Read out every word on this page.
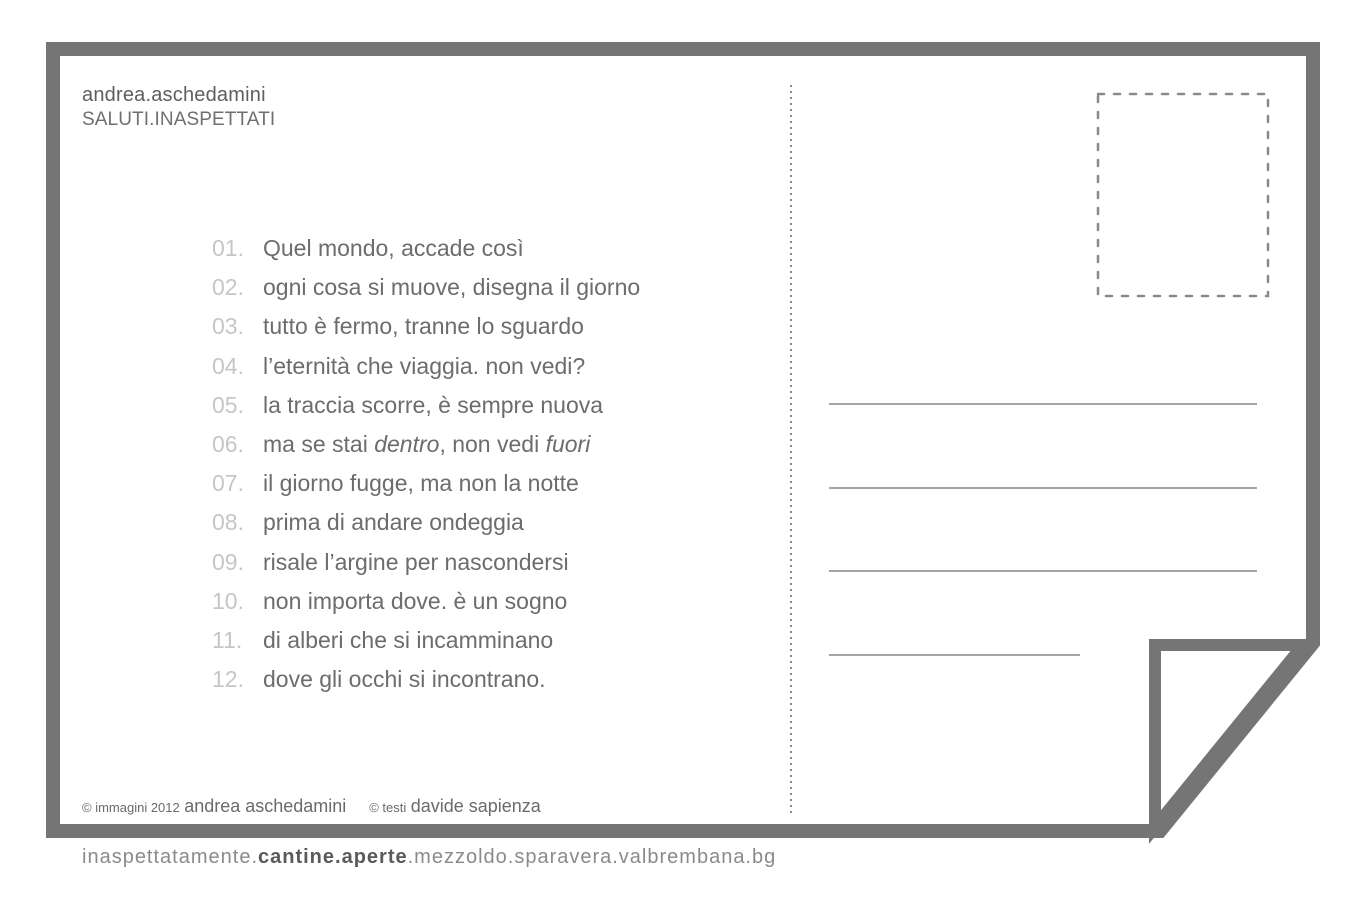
andrea.aschedamini
SALUTI.INASPETTATI
01. Quel mondo, accade così
02. ogni cosa si muove, disegna il giorno
03. tutto è fermo, tranne lo sguardo
04. l’eternità che viaggia. non vedi?
05. la traccia scorre, è sempre nuova
06. ma se stai dentro, non vedi fuori
07. il giorno fugge, ma non la notte
08. prima di andare ondeggia
09. risale l’argine per nascondersi
10. non importa dove. è un sogno
11. di alberi che si incamminano
12. dove gli occhi si incontrano.
© immagini 2012 andrea aschedamini © testi davide sapienza
inaspettatamente.cantine.aperte.mezzoldo.sparavera.valbrembana.bg
